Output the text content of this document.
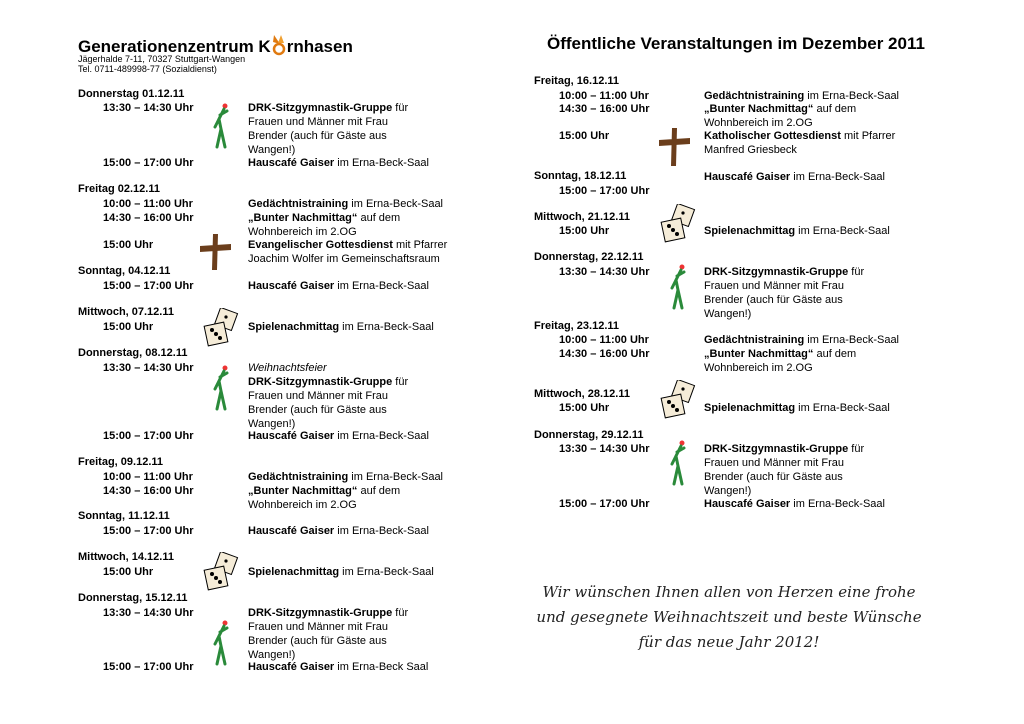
Generationenzentrum K rnhasen
Jägerhalde 7-11, 70327 Stuttgart-Wangen
Tel. 0711-489998-77 (Sozialdienst)
Öffentliche Veranstaltungen im Dezember 2011
Donnerstag 01.12.11
13:30 – 14:30 Uhr	DRK-Sitzgymnastik-Gruppe für
Frauen und Männer mit Frau
Brender (auch für Gäste aus
Wangen!)
15:00 – 17:00 Uhr	Hauscafé Gaiser im Erna-Beck-Saal
Freitag 02.12.11
10:00 – 11:00 Uhr	Gedächtnistraining im Erna-Beck-Saal
14:30 – 16:00 Uhr	„Bunter Nachmittag“ auf dem
Wohnbereich im 2.OG
15:00 Uhr	Evangelischer Gottesdienst mit Pfarrer
Joachim Wolfer im Gemeinschaftsraum
Sonntag, 04.12.11
15:00 – 17:00 Uhr	Hauscafé Gaiser im Erna-Beck-Saal
Mittwoch, 07.12.11
15:00 Uhr	Spielenachmittag im Erna-Beck-Saal
Donnerstag, 08.12.11
13:30 – 14:30 Uhr	Weihnachtsfeier
DRK-Sitzgymnastik-Gruppe für
Frauen und Männer mit Frau
Brender (auch für Gäste aus
Wangen!)
15:00 – 17:00 Uhr	Hauscafé Gaiser im Erna-Beck-Saal
Freitag, 09.12.11
10:00 – 11:00 Uhr	Gedächtnistraining im Erna-Beck-Saal
14:30 – 16:00 Uhr	„Bunter Nachmittag“ auf dem
Wohnbereich im 2.OG
Sonntag, 11.12.11
15:00 – 17:00 Uhr	Hauscafé Gaiser im Erna-Beck-Saal
Mittwoch, 14.12.11
15:00 Uhr	Spielenachmittag im Erna-Beck-Saal
Donnerstag, 15.12.11
13:30 – 14:30 Uhr	DRK-Sitzgymnastik-Gruppe für
Frauen und Männer mit Frau
Brender (auch für Gäste aus
Wangen!)
15:00 – 17:00 Uhr	Hauscafé Gaiser im Erna-Beck Saal
Freitag, 16.12.11
10:00 – 11:00 Uhr	Gedächtnistraining im Erna-Beck-Saal
14:30 – 16:00 Uhr	„Bunter Nachmittag“ auf dem
Wohnbereich im 2.OG
15:00 Uhr	Katholischer Gottesdienst mit Pfarrer
Manfred Griesbeck
Sonntag, 18.12.11
15:00 – 17:00 Uhr
Hauscafé Gaiser im Erna-Beck-Saal
Mittwoch, 21.12.11
15:00 Uhr	Spielenachmittag im Erna-Beck-Saal
Donnerstag, 22.12.11
13:30 – 14:30 Uhr	DRK-Sitzgymnastik-Gruppe für
Frauen und Männer mit Frau
Brender (auch für Gäste aus
Wangen!)
Freitag, 23.12.11
10:00 – 11:00 Uhr	Gedächtnistraining im Erna-Beck-Saal
14:30 – 16:00 Uhr	„Bunter Nachmittag“ auf dem
Wohnbereich im 2.OG
Mittwoch, 28.12.11
15:00 Uhr	Spielenachmittag im Erna-Beck-Saal
Donnerstag, 29.12.11
13:30 – 14:30 Uhr	DRK-Sitzgymnastik-Gruppe für
Frauen und Männer mit Frau
Brender (auch für Gäste aus
Wangen!)
15:00 – 17:00 Uhr	Hauscafé Gaiser im Erna-Beck-Saal
Wir wünschen Ihnen allen von Herzen eine frohe
und gesegnete Weihnachtszeit und beste Wünsche
für das neue Jahr 2012!
